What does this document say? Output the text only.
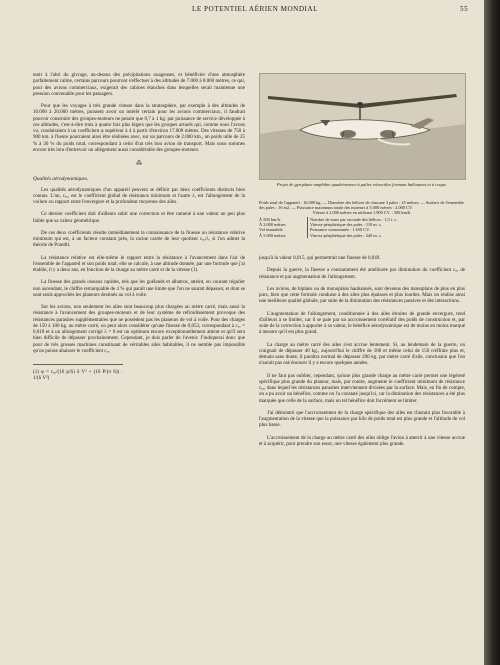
LE POTENTIEL AÉRIEN MONDIAL	55

tenir à l'abri du givrage, au-dessus des précipitations nuageuses, et bénéficier d'une atmosphère parfaitement calme, certains parcours pourront s'effectuer à des altitudes de 7.000 à 8.000 mètres, ce qui, pour des avions commerciaux, exigerait des cabines étanches dans lesquelles serait maintenue une pression convenable pour les passagers.

Pour que les voyages à très grande vitesse dans la stratosphère, par exemple à des altitudes de 10.000 à 20.000 mètres, puissent avoir un intérêt certain pour les avions commerciaux, il faudrait pouvoir construire des groupes-moteurs ne pesant que 0,7 à 1 kg. par puissance de service développée à ces altitudes, c'est-à-dire trois à quatre fois plus légers que les groupes actuels qui, comme nous l'avons vu, conduiraient à un coefficient φ supérieur à 4 à partir d'environ 17.000 mètres. Des vitesses de 750 à 900 km. à l'heure pourraient ainsi être réalisées avec, sur un parcours de 2.000 km., un poids utile de 25 % à 30 % du poids total, correspondant à celui d'un très bon avion de transport. Mais nous sommes encore très loin d'entrevoir un allégement aussi considérable des groupes-moteurs.

⁂
Qualités aérodynamiques.

Les qualités aérodynamiques d'un appareil peuvent se définir par deux coefficients distincts bien connus. L'un, cₓₒ, est le coefficient global de résistance minimum et l'autre λ, est l'allongement de la voilure ou rapport entre l'envergure et la profondeur moyenne des ailes.

Ce dernier coefficient doit d'ailleurs subir une correction et être ramené à une valeur un peu plus faible que sa valeur géométrique.

De ces deux coefficients résulte immédiatement la connaissance de la finesse ou résistance relative minimum qui est, à un facteur constant près, la racine carrée de leur quotient cₓₒ/λ, si l'on admet la théorie de Prandtl.

La résistance relative est elle-même le rapport entre la résistance à l'avancement dans l'air de l'ensemble de l'appareil et son poids total; elle se calcule, à une altitude donnée, par une formule que j'ai établie, il y a deux ans, en fonction de la charge au mètre carré et de la vitesse (1).

La finesse des grands oiseaux rapides, tels que les goélands et albatros, atteint, en courant régulier non ascendant, le chiffre remarquable de 4 % qui paraît une limite que l'on ne saurait dépasser, et dont se sont seuls approchés les planeurs destinés au vol à voile.

Sur les avions, non seulement les ailes sont beaucoup plus chargées au mètre carré, mais aussi la résistance à l'avancement des groupes-moteurs et de leur système de refroidissement provoque des résistances parasites supplémentaires que ne possèdent pas les planeurs de vol à voile. Pour des charges de 150 à 100 kg. au mètre carré, on peut alors considérer qu'une finesse de 0,053, correspondant à cₓₒ = 0,018 et à un allongement corrigé λ = 8 est un optimum encore exceptionnellement atteint et qu'il sera bien difficile de dépasser prochainement. Cependant, je dois parler de l'avenir. J'indiquerai donc que pour de très grosses machines constituant de véritables ailes habitables, il ne semble pas impossible qu'on puisse abaisser le coefficient cₓₒ

(1) φ = cₓₒ/(16 p/S) δ V² + (16 P/(π S)) · 1/(δ V²)
Projet de gyroplane amphibie quadrimoteur à palies rétractiles formant ballonnets et à coque.

Poids total de l'appareil : 16.000 kg. — Diamètre des hélices de chacune 3 pales : 25 mètres. — Surface de l'ensemble des pales : 16 m2. — Puissance maximum totale des moteurs à 5.000 mètres : 2.000 CV.

Vitesse à 2.000 mètres en utilisant 1.900 CV. : 500 km/h.

À 500 km/h.	Nombre de tours par seconde des hélices : 1,5 t. s.
À 3.000 mètres	Vitesse périphérique des pales : 110 m. s.
Vol immobile	Puissance consommée : 1.650 CV.
À 5.000 mètres	Vitesse périphérique des pales : 240 m. s.

jusqu'à la valeur 0,015, qui permettrait une finesse de 0,049.

Depuis la guerre, la finesse a constamment été améliorée par diminution du coefficient cₓₒ de résistance et par augmentation de l'allongement.

Les avions, de biplans ou de monoplans haubannés, sont devenus des monoplans de plus en plus purs, bien que cette formule conduise à des ailes plus épaisses et plus lourdes. Mais on réalise ainsi une meilleure qualité globale, par suite de la diminution des résistances passives et des interactions.

L'augmentation de l'allongement, conditionnée à des ailes étroites de grande envergure, tend d'ailleurs à se limiter, car il se paie par un accroissement corrélatif des poids de construction et, par suite de la correction à apporter à sa valeur, le bénéfice aérodynamique est de moins en moins marqué à mesure qu'il est plus grand.

La charge au mètre carré des ailes s'est accrue lentement. Si, au lendemain de la guerre, on craignait de dépasser 40 kg., aujourd'hui le chiffre de 100 et même celui de 150 n'effraie plus et, demain sans doute, il paraîtra normal de dépasser 200 kg. par mètre carré d'aile, conclusion que l'on n'aurait pas osé énoncer il y a encore quelques années.

Il ne faut pas oublier, cependant, qu'une plus grande charge au mètre carré permet une légèreté spécifique plus grande du planeur, mais, par contre, augmente le coefficient minimum de résistance cₓₒ, dans lequel les résistances parasites interviennent divisées par la surface. Mais, en fin de compte, on a pu avoir un bénéfice, comme on l'a constaté jusqu'ici, car la diminution des résistances a été plus marquée que celle de la surface, mais un tel bénéfice doit forcément se limiter.

J'ai démontré que l'accroissement de la charge spécifique des ailes est d'autant plus favorable à l'augmentation de la vitesse que la puissance par kilo de poids total est plus grande et l'altitude de vol plus basse.

L'accroissement de la charge au mètre carré des ailes oblige l'avion à atterrir à une vitesse accrue et à acquérir, pour prendre son essor, une vitesse également plus grande.
